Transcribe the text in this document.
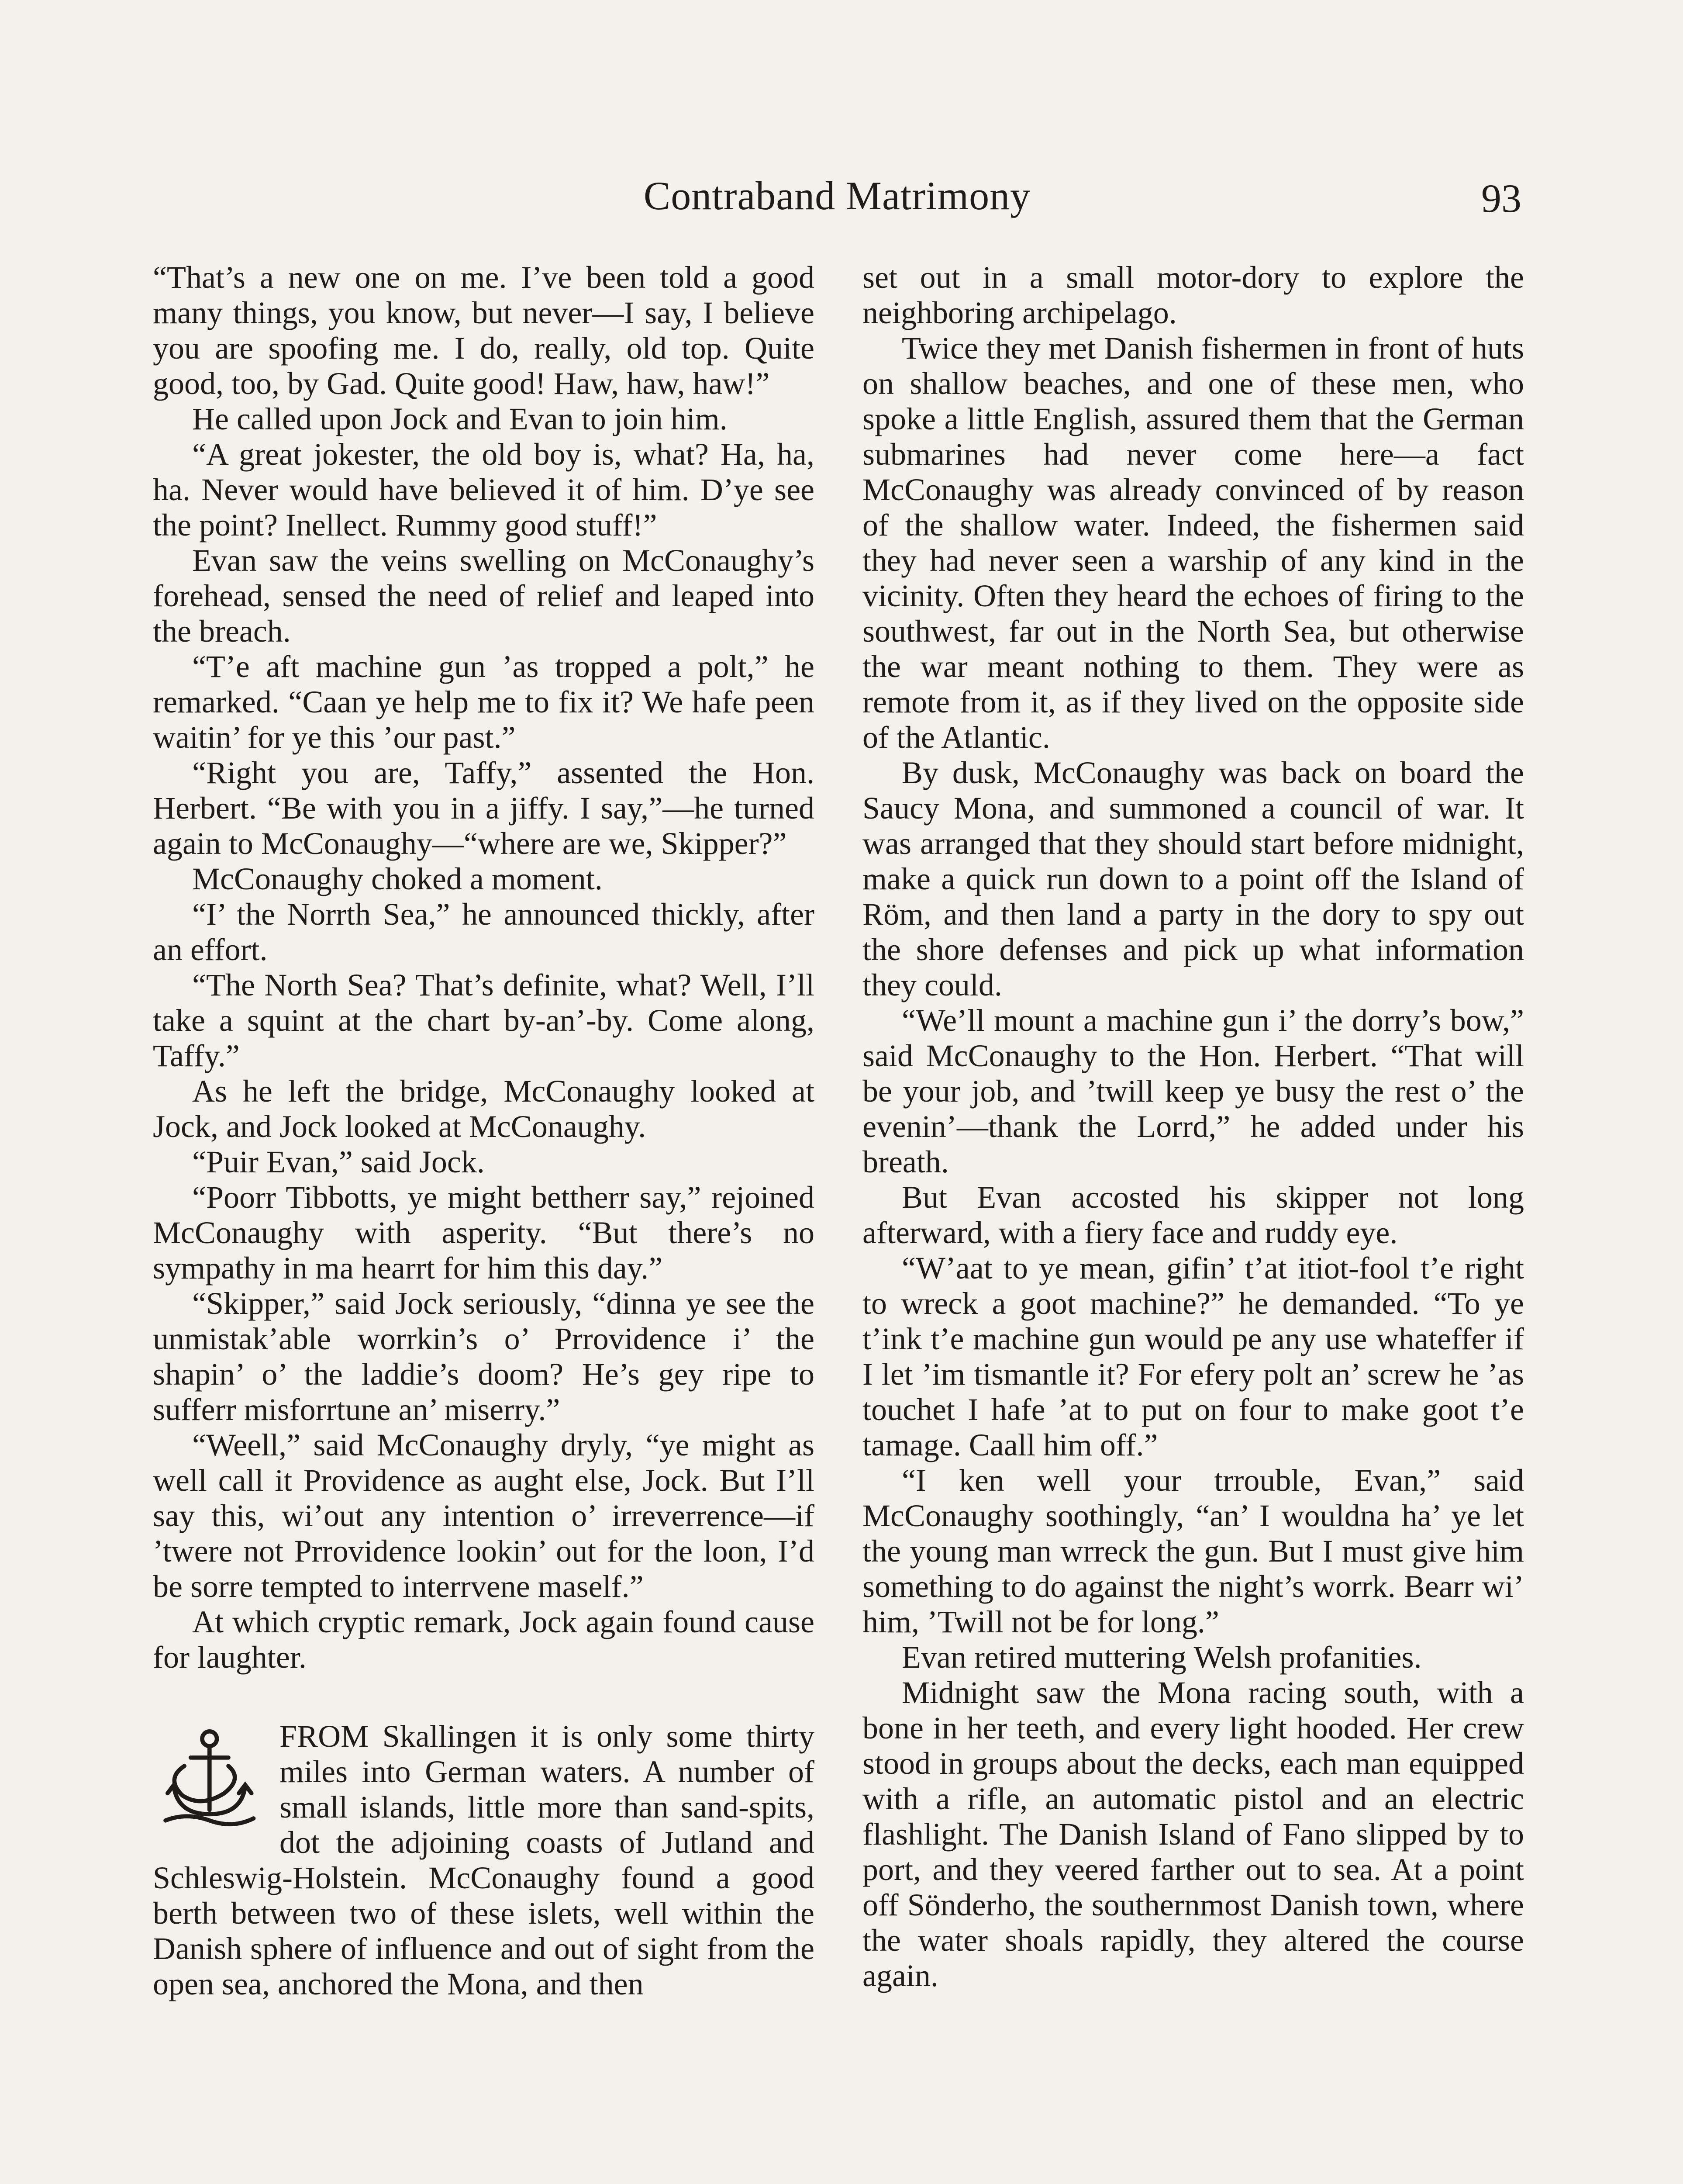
Contraband Matrimony	93

“That’s a new one on me. I’ve been told a good many things, you know, but never—I say, I believe you are spoofing me. I do, really, old top. Quite good, too, by Gad. Quite good! Haw, haw, haw!”

He called upon Jock and Evan to join him.

“A great jokester, the old boy is, what? Ha, ha, ha. Never would have believed it of him. D’ye see the point? Inellect. Rummy good stuff!”

Evan saw the veins swelling on McConaughy’s forehead, sensed the need of relief and leaped into the breach.

“T’e aft machine gun ’as tropped a polt,” he remarked. “Caan ye help me to fix it? We hafe peen waitin’ for ye this ’our past.”

“Right you are, Taffy,” assented the Hon. Herbert. “Be with you in a jiffy. I say,”—he turned again to McConaughy—“where are we, Skipper?”

McConaughy choked a moment.

“I’ the Norrth Sea,” he announced thickly, after an effort.

“The North Sea? That’s definite, what? Well, I’ll take a squint at the chart by-an’-by. Come along, Taffy.”

As he left the bridge, McConaughy looked at Jock, and Jock looked at McConaughy.

“Puir Evan,” said Jock.

“Poorr Tibbotts, ye might bettherr say,” rejoined McConaughy with asperity. “But there’s no sympathy in ma hearrt for him this day.”

“Skipper,” said Jock seriously, “dinna ye see the unmistak’able worrkin’s o’ Prrovidence i’ the shapin’ o’ the laddie’s doom? He’s gey ripe to sufferr misforrtune an’ miserry.”

“Weell,” said McConaughy dryly, “ye might as well call it Providence as aught else, Jock. But I’ll say this, wi’out any intention o’ irreverrence—if ’twere not Prrovidence lookin’ out for the loon, I’d be sorre tempted to interrvene maself.”

At which cryptic remark, Jock again found cause for laughter.

FROM Skallingen it is only some thirty miles into German waters. A number of small islands, little more than sand-spits, dot the adjoining coasts of Jutland and Schleswig-Holstein. McConaughy found a good berth between two of these islets, well within the Danish sphere of influence and out of sight from the open sea, anchored the Mona, and then

set out in a small motor-dory to explore the neighboring archipelago.

Twice they met Danish fishermen in front of huts on shallow beaches, and one of these men, who spoke a little English, assured them that the German submarines had never come here—a fact McConaughy was already convinced of by reason of the shallow water. Indeed, the fishermen said they had never seen a warship of any kind in the vicinity. Often they heard the echoes of firing to the southwest, far out in the North Sea, but otherwise the war meant nothing to them. They were as remote from it, as if they lived on the opposite side of the Atlantic.

By dusk, McConaughy was back on board the Saucy Mona, and summoned a council of war. It was arranged that they should start before midnight, make a quick run down to a point off the Island of Röm, and then land a party in the dory to spy out the shore defenses and pick up what information they could.

“We’ll mount a machine gun i’ the dorry’s bow,” said McConaughy to the Hon. Herbert. “That will be your job, and ’twill keep ye busy the rest o’ the evenin’—thank the Lorrd,” he added under his breath.

But Evan accosted his skipper not long afterward, with a fiery face and ruddy eye.

“W’aat to ye mean, gifin’ t’at itiot-fool t’e right to wreck a goot machine?” he demanded. “To ye t’ink t’e machine gun would pe any use whateffer if I let ’im tismantle it? For efery polt an’ screw he ’as touchet I hafe ’at to put on four to make goot t’e tamage. Caall him off.”

“I ken well your trrouble, Evan,” said McConaughy soothingly, “an’ I wouldna ha’ ye let the young man wrreck the gun. But I must give him something to do against the night’s worrk. Bearr wi’ him, ’Twill not be for long.”

Evan retired muttering Welsh profanities.

Midnight saw the Mona racing south, with a bone in her teeth, and every light hooded. Her crew stood in groups about the decks, each man equipped with a rifle, an automatic pistol and an electric flashlight. The Danish Island of Fano slipped by to port, and they veered farther out to sea. At a point off Sönderho, the southernmost Danish town, where the water shoals rapidly, they altered the course again.
